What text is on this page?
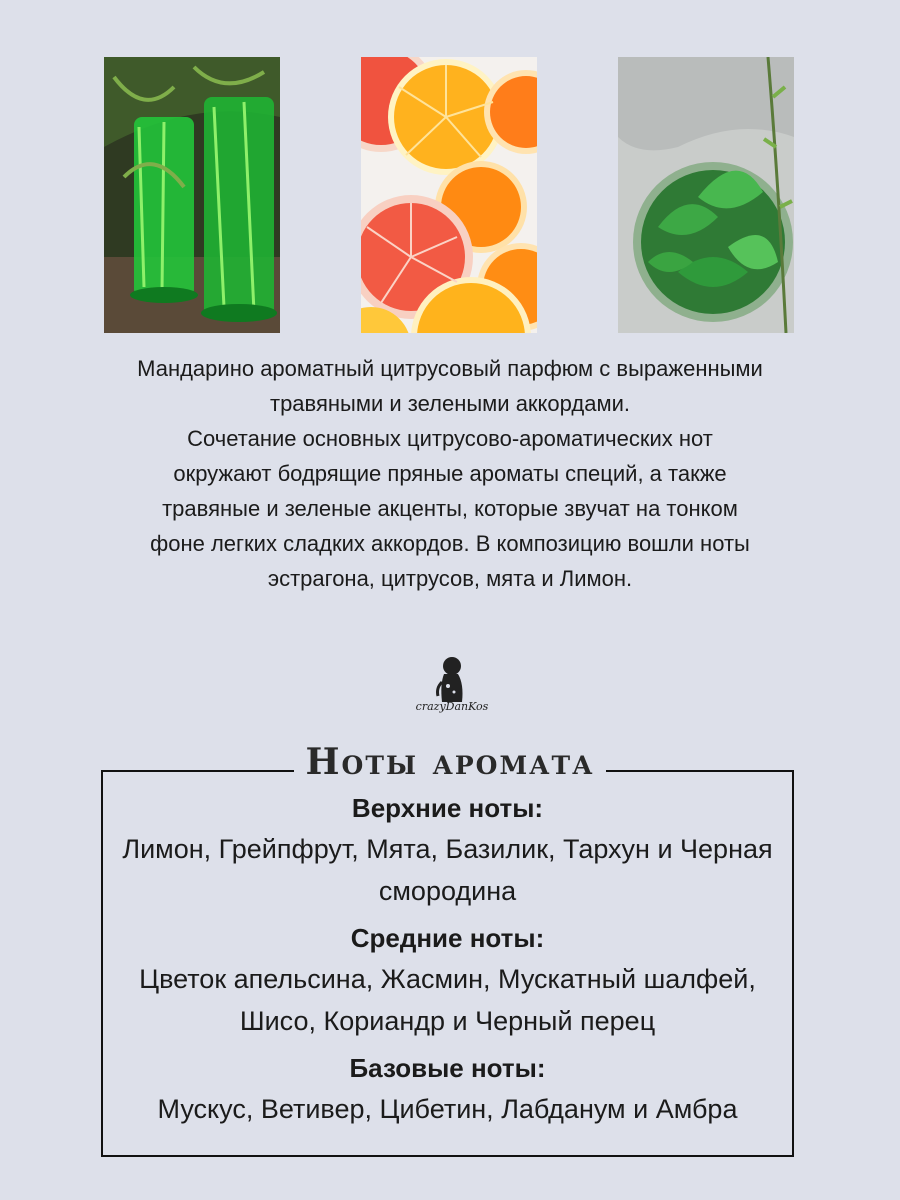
Мандарино ароматный цитрусовый парфюм с выраженными
травяными и зелеными аккордами.
Сочетание основных цитрусово-ароматических нот
окружают бодрящие пряные ароматы специй, а также
травяные и зеленые акценты, которые звучат на тонком
фоне легких сладких аккордов. В композицию вошли ноты
эстрагона, цитрусов, мята и Лимон.

crazyDanKos
Ноты аромата
Верхние ноты:

Лимон, Грейпфрут, Мята, Базилик, Тархун и Черная смородина

Средние ноты:

Цветок апельсина, Жасмин, Мускатный шалфей, Шисо, Кориандр и Черный перец

Базовые ноты:

Мускус, Ветивер, Цибетин, Лабданум и Амбра
